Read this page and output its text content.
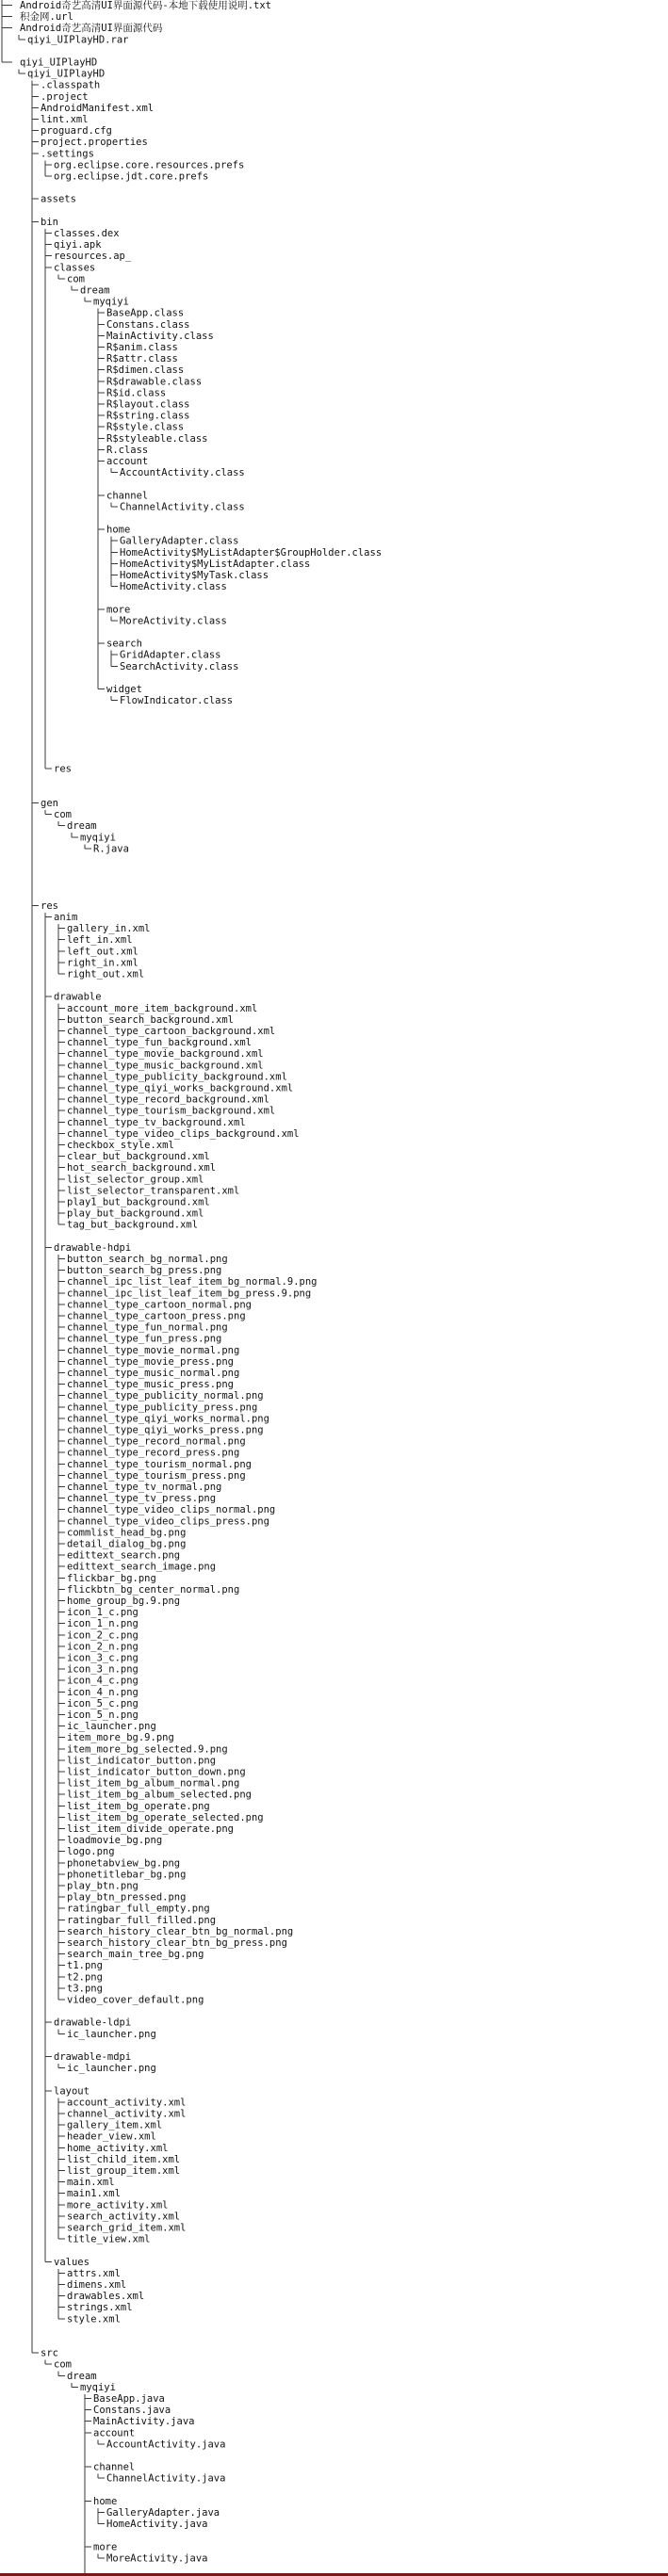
Android奇艺高清UI界面源代码-本地下载使用说明.txt
积金网.url
Android奇艺高清UI界面源代码
qiyi_UIPlayHD.rar
qiyi_UIPlayHD
qiyi_UIPlayHD
.classpath
.project
AndroidManifest.xml
lint.xml
proguard.cfg
project.properties
.settings
org.eclipse.core.resources.prefs
org.eclipse.jdt.core.prefs
assets
bin
classes.dex
qiyi.apk
resources.ap_
classes
com
dream
myqiyi
BaseApp.class
Constans.class
MainActivity.class
R$anim.class
R$attr.class
R$dimen.class
R$drawable.class
R$id.class
R$layout.class
R$string.class
R$style.class
R$styleable.class
R.class
account
AccountActivity.class
channel
ChannelActivity.class
home
GalleryAdapter.class
HomeActivity$MyListAdapter$GroupHolder.class
HomeActivity$MyListAdapter.class
HomeActivity$MyTask.class
HomeActivity.class
more
MoreActivity.class
search
GridAdapter.class
SearchActivity.class
widget
FlowIndicator.class
res
gen
com
dream
myqiyi
R.java
res
anim
gallery_in.xml
left_in.xml
left_out.xml
right_in.xml
right_out.xml
drawable
account_more_item_background.xml
button_search_background.xml
channel_type_cartoon_background.xml
channel_type_fun_background.xml
channel_type_movie_background.xml
channel_type_music_background.xml
channel_type_publicity_background.xml
channel_type_qiyi_works_background.xml
channel_type_record_background.xml
channel_type_tourism_background.xml
channel_type_tv_background.xml
channel_type_video_clips_background.xml
checkbox_style.xml
clear_but_background.xml
hot_search_background.xml
list_selector_group.xml
list_selector_transparent.xml
play1_but_background.xml
play_but_background.xml
tag_but_background.xml
drawable-hdpi
button_search_bg_normal.png
button_search_bg_press.png
channel_ipc_list_leaf_item_bg_normal.9.png
channel_ipc_list_leaf_item_bg_press.9.png
channel_type_cartoon_normal.png
channel_type_cartoon_press.png
channel_type_fun_normal.png
channel_type_fun_press.png
channel_type_movie_normal.png
channel_type_movie_press.png
channel_type_music_normal.png
channel_type_music_press.png
channel_type_publicity_normal.png
channel_type_publicity_press.png
channel_type_qiyi_works_normal.png
channel_type_qiyi_works_press.png
channel_type_record_normal.png
channel_type_record_press.png
channel_type_tourism_normal.png
channel_type_tourism_press.png
channel_type_tv_normal.png
channel_type_tv_press.png
channel_type_video_clips_normal.png
channel_type_video_clips_press.png
commlist_head_bg.png
detail_dialog_bg.png
edittext_search.png
edittext_search_image.png
flickbar_bg.png
flickbtn_bg_center_normal.png
home_group_bg.9.png
icon_1_c.png
icon_1_n.png
icon_2_c.png
icon_2_n.png
icon_3_c.png
icon_3_n.png
icon_4_c.png
icon_4_n.png
icon_5_c.png
icon_5_n.png
ic_launcher.png
item_more_bg.9.png
item_more_bg_selected.9.png
list_indicator_button.png
list_indicator_button_down.png
list_item_bg_album_normal.png
list_item_bg_album_selected.png
list_item_bg_operate.png
list_item_bg_operate_selected.png
list_item_divide_operate.png
loadmovie_bg.png
logo.png
phonetabview_bg.png
phonetitlebar_bg.png
play_btn.png
play_btn_pressed.png
ratingbar_full_empty.png
ratingbar_full_filled.png
search_history_clear_btn_bg_normal.png
search_history_clear_btn_bg_press.png
search_main_tree_bg.png
t1.png
t2.png
t3.png
video_cover_default.png
drawable-ldpi
ic_launcher.png
drawable-mdpi
ic_launcher.png
layout
account_activity.xml
channel_activity.xml
gallery_item.xml
header_view.xml
home_activity.xml
list_child_item.xml
list_group_item.xml
main.xml
main1.xml
more_activity.xml
search_activity.xml
search_grid_item.xml
title_view.xml
values
attrs.xml
dimens.xml
drawables.xml
strings.xml
style.xml
src
com
dream
myqiyi
BaseApp.java
Constans.java
MainActivity.java
account
AccountActivity.java
channel
ChannelActivity.java
home
GalleryAdapter.java
HomeActivity.java
more
MoreActivity.java
